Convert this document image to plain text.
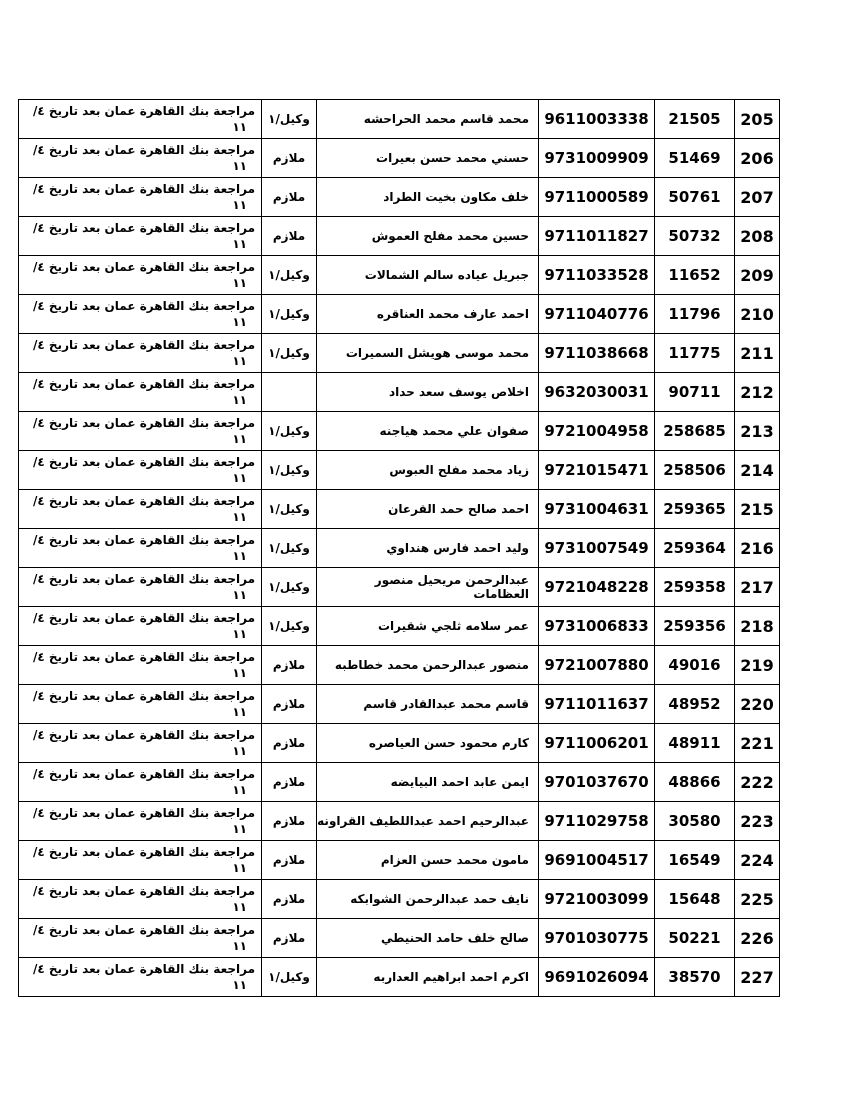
205	21505	9611003338	محمد قاسم محمد الحراحشه	وكيل/١	مراجعة بنك القاهرة عمان بعد تاريخ ٤/
١١

206	51469	9731009909	حسني محمد حسن بعيرات	ملازم	مراجعة بنك القاهرة عمان بعد تاريخ ٤/
١١

207	50761	9711000589	خلف مكاون بخيت الطراد	ملازم	مراجعة بنك القاهرة عمان بعد تاريخ ٤/
١١

208	50732	9711011827	حسين محمد مفلح العموش	ملازم	مراجعة بنك القاهرة عمان بعد تاريخ ٤/
١١

209	11652	9711033528	جبريل عياده سالم الشمالات	وكيل/١	مراجعة بنك القاهرة عمان بعد تاريخ ٤/
١١

210	11796	9711040776	احمد عارف محمد العناقره	وكيل/١	مراجعة بنك القاهرة عمان بعد تاريخ ٤/
١١

211	11775	9711038668	محمد موسى هويشل السميرات	وكيل/١	مراجعة بنك القاهرة عمان بعد تاريخ ٤/
١١

212	90711	9632030031	اخلاص يوسف سعد حداد		مراجعة بنك القاهرة عمان بعد تاريخ ٤/
١١

213	258685	9721004958	صفوان علي محمد هياجنه	وكيل/١	مراجعة بنك القاهرة عمان بعد تاريخ ٤/
١١

214	258506	9721015471	زياد محمد مفلح العبوس	وكيل/١	مراجعة بنك القاهرة عمان بعد تاريخ ٤/
١١

215	259365	9731004631	احمد صالح حمد القرعان	وكيل/١	مراجعة بنك القاهرة عمان بعد تاريخ ٤/
١١

216	259364	9731007549	وليد احمد فارس هنداوي	وكيل/١	مراجعة بنك القاهرة عمان بعد تاريخ ٤/
١١

217	259358	9721048228	عبدالرحمن مريحيل منصور العظامات	وكيل/١	مراجعة بنك القاهرة عمان بعد تاريخ ٤/
١١

218	259356	9731006833	عمر سلامه ثلجي شقيرات	وكيل/١	مراجعة بنك القاهرة عمان بعد تاريخ ٤/
١١

219	49016	9721007880	منصور عبدالرحمن محمد خطاطبه	ملازم	مراجعة بنك القاهرة عمان بعد تاريخ ٤/
١١

220	48952	9711011637	قاسم محمد عبدالقادر قاسم	ملازم	مراجعة بنك القاهرة عمان بعد تاريخ ٤/
١١

221	48911	9711006201	كارم محمود حسن العياصره	ملازم	مراجعة بنك القاهرة عمان بعد تاريخ ٤/
١١

222	48866	9701037670	ايمن عابد احمد البيايضه	ملازم	مراجعة بنك القاهرة عمان بعد تاريخ ٤/
١١

223	30580	9711029758	عبدالرحيم احمد عبداللطيف القراونه	ملازم	مراجعة بنك القاهرة عمان بعد تاريخ ٤/
١١

224	16549	9691004517	مامون محمد حسن العزام	ملازم	مراجعة بنك القاهرة عمان بعد تاريخ ٤/
١١

225	15648	9721003099	نايف حمد عبدالرحمن الشوابكه	ملازم	مراجعة بنك القاهرة عمان بعد تاريخ ٤/
١١

226	50221	9701030775	صالح خلف حامد الحنيطي	ملازم	مراجعة بنك القاهرة عمان بعد تاريخ ٤/
١١

227	38570	9691026094	اكرم احمد ابراهيم العداربه	وكيل/١	مراجعة بنك القاهرة عمان بعد تاريخ ٤/
١١
